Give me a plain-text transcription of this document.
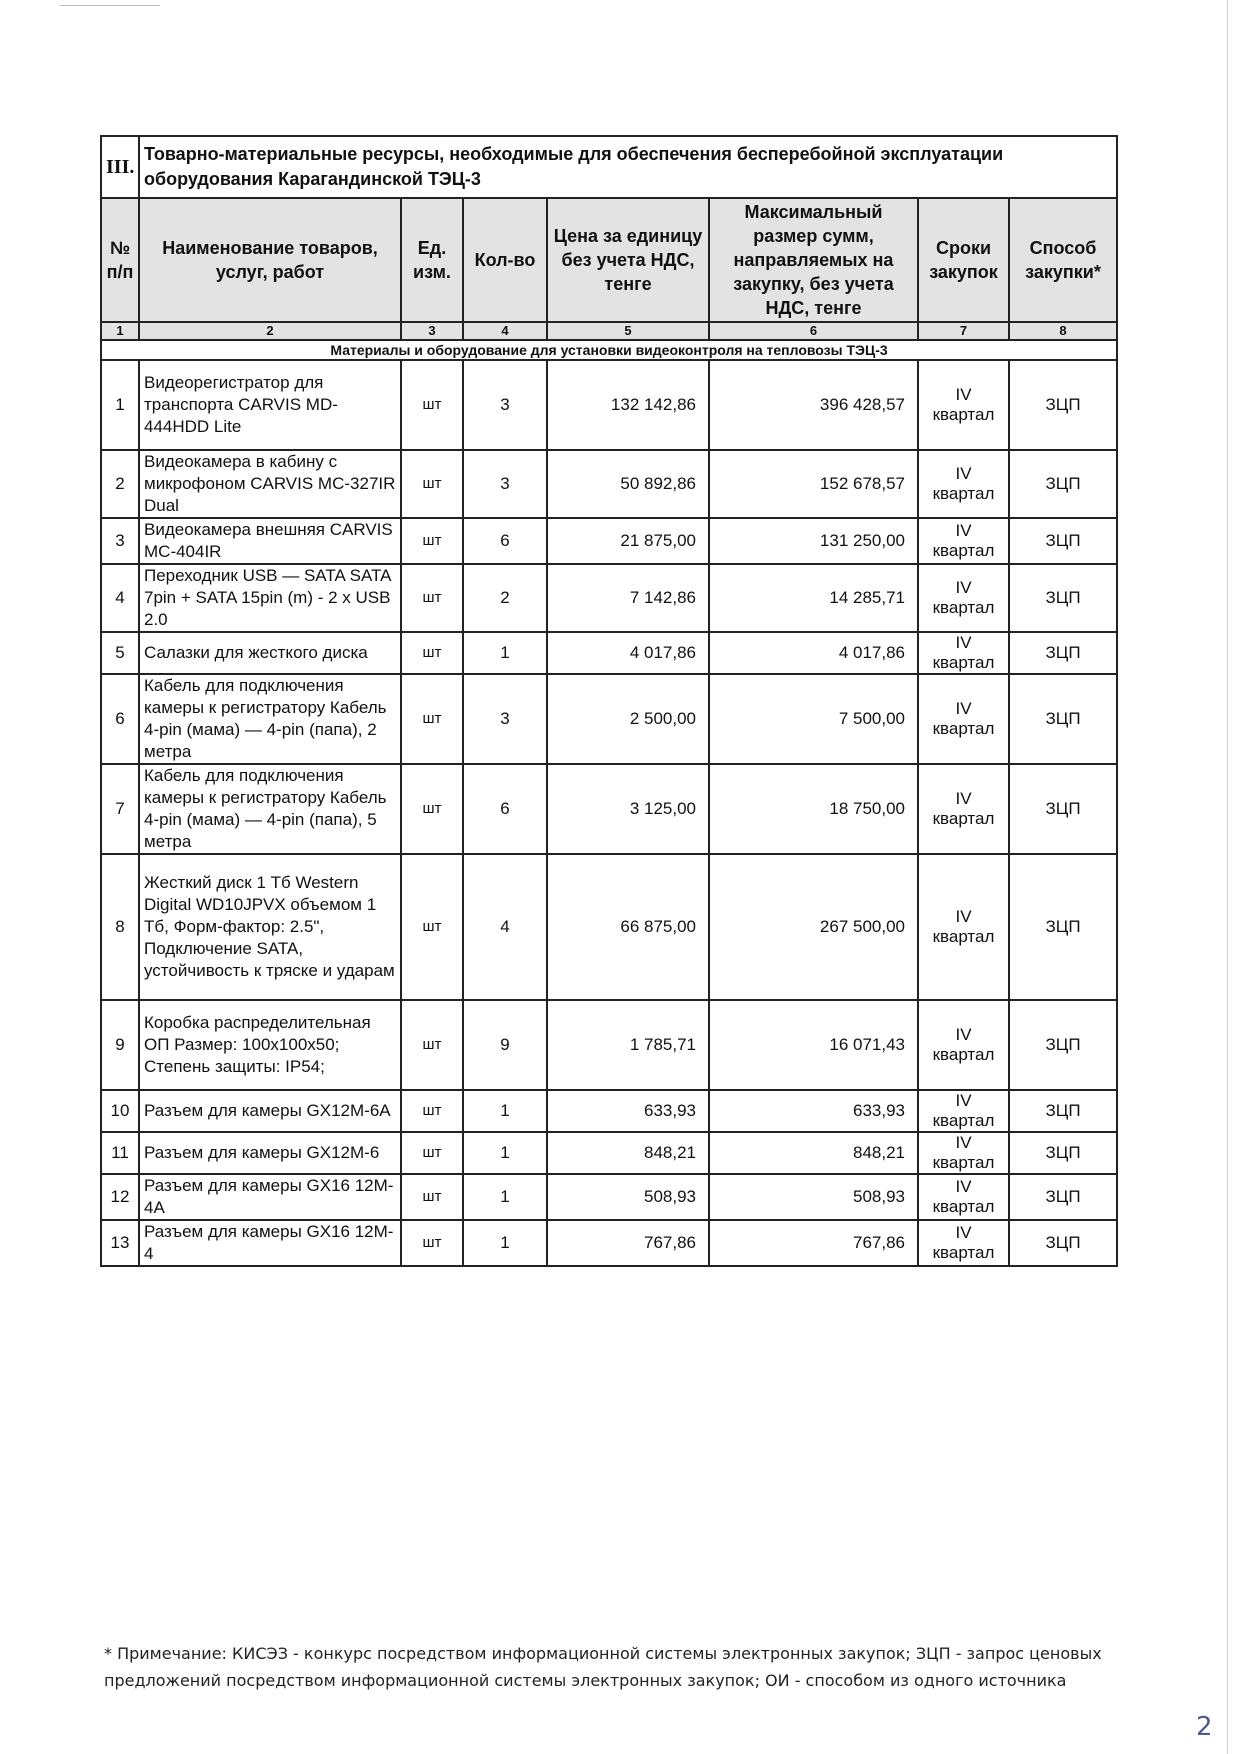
III.	Товарно-материальные ресурсы, необходимые для обеспечения бесперебойной эксплуатации оборудования Карагандинской ТЭЦ-3						
№ п/п	Наименование товаров, услуг, работ	Ед. изм.	Кол-во	Цена за единицу без учета НДС, тенге	Максимальный размер сумм, направляемых на закупку, без учета НДС, тенге	Сроки закупок	Способ закупки*
1	2	3	4	5	6	7	8
Материалы и оборудование для установки видеоконтроля на тепловозы ТЭЦ-3							
1	Видеорегистратор для транспорта CARVIS MD-444HDD Lite	шт	3	132 142,86	396 428,57	IV квартал	ЗЦП
2	Видеокамера в кабину с микрофоном CARVIS MC-327IR Dual	шт	3	50 892,86	152 678,57	IV квартал	ЗЦП
3	Видеокамера внешняя CARVIS MC-404IR	шт	6	21 875,00	131 250,00	IV квартал	ЗЦП
4	Переходник USB — SATA SATA 7pin + SATA 15pin (m) - 2 x USB 2.0	шт	2	7 142,86	14 285,71	IV квартал	ЗЦП
5	Салазки для жесткого диска	шт	1	4 017,86	4 017,86	IV квартал	ЗЦП
6	Кабель для подключения камеры к регистратору Кабель 4-pin (мама) — 4-pin (папа), 2 метра	шт	3	2 500,00	7 500,00	IV квартал	ЗЦП
7	Кабель для подключения камеры к регистратору Кабель 4-pin (мама) — 4-pin (папа), 5 метра	шт	6	3 125,00	18 750,00	IV квартал	ЗЦП
8	Жесткий диск 1 Тб Western Digital WD10JPVX объемом 1 Тб, Форм-фактор: 2.5", Подключение SATA, устойчивость к тряске и ударам	шт	4	66 875,00	267 500,00	IV квартал	ЗЦП
9	Коробка распределительная ОП Размер: 100x100x50; Степень защиты: IP54;	шт	9	1 785,71	16 071,43	IV квартал	ЗЦП
10	Разъем для камеры GX12M-6A	шт	1	633,93	633,93	IV квартал	ЗЦП
11	Разъем для камеры GX12M-6	шт	1	848,21	848,21	IV квартал	ЗЦП
12	Разъем для камеры GX16 12M-4A	шт	1	508,93	508,93	IV квартал	ЗЦП
13	Разъем для камеры GX16 12M-4	шт	1	767,86	767,86	IV квартал	ЗЦП
* Примечание: КИСЭЗ - конкурс посредством информационной системы электронных закупок; ЗЦП - запрос ценовых предложений посредством информационной системы электронных закупок; ОИ - способом из одного источника
2
